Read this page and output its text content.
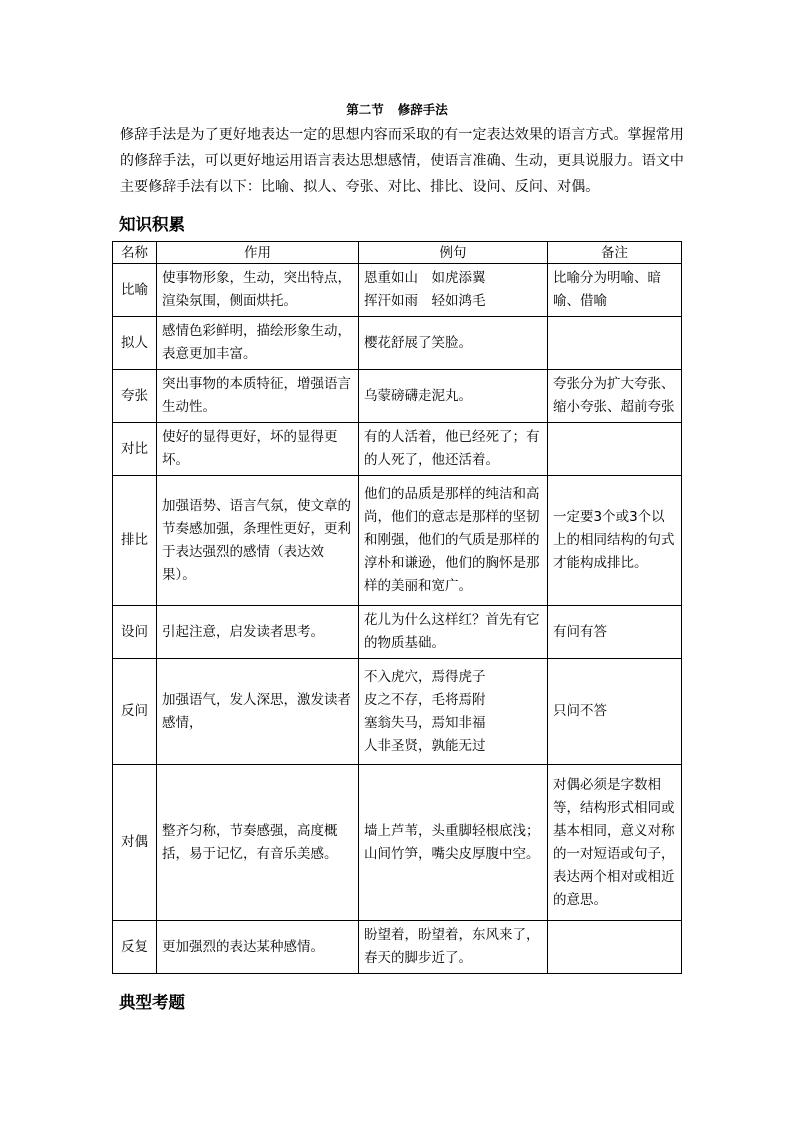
第二节 修辞手法
修辞手法是为了更好地表达一定的思想内容而采取的有一定表达效果的语言方式。掌握常用
的修辞手法，可以更好地运用语言表达思想感情，使语言准确、生动，更具说服力。语文中
主要修辞手法有以下：比喻、拟人、夸张、对比、排比、设问、反问、对偶。
知识积累
名称	作用	例句	备注
比喻	使事物形象，生动，突出特点，渲染氛围，侧面烘托。	恩重如山　如虎添翼
挥汗如雨　轻如鸿毛	比喻分为明喻、暗喻、借喻
拟人	感情色彩鲜明，描绘形象生动，表意更加丰富。	樱花舒展了笑脸。	

夸张	突出事物的本质特征，增强语言生动性。	乌蒙磅礴走泥丸。	夸张分为扩大夸张、缩小夸张、超前夸张
对比	使好的显得更好，坏的显得更坏。	有的人活着，他已经死了；有的人死了，他还活着。	

排比	加强语势、语言气氛，使文章的节奏感加强，条理性更好，更利于表达强烈的感情（表达效果）。	他们的品质是那样的纯洁和高尚，他们的意志是那样的坚韧和刚强，他们的气质是那样的淳朴和谦逊，他们的胸怀是那样的美丽和宽广。	一定要3个或3个以上的相同结构的句式才能构成排比。
设问	引起注意，启发读者思考。	花儿为什么这样红？首先有它的物质基础。	有问有答
反问	加强语气，发人深思，激发读者感情，	不入虎穴，焉得虎子
皮之不存，毛将焉附
塞翁失马，焉知非福
人非圣贤，孰能无过	只问不答
对偶	整齐匀称，节奏感强，高度概括，易于记忆，有音乐美感。	墙上芦苇，头重脚轻根底浅；山间竹笋，嘴尖皮厚腹中空。	对偶必须是字数相等，结构形式相同或基本相同，意义对称的一对短语或句子，表达两个相对或相近的意思。
反复	更加强烈的表达某种感情。	盼望着，盼望着，东风来了，春天的脚步近了。	

典型考题
